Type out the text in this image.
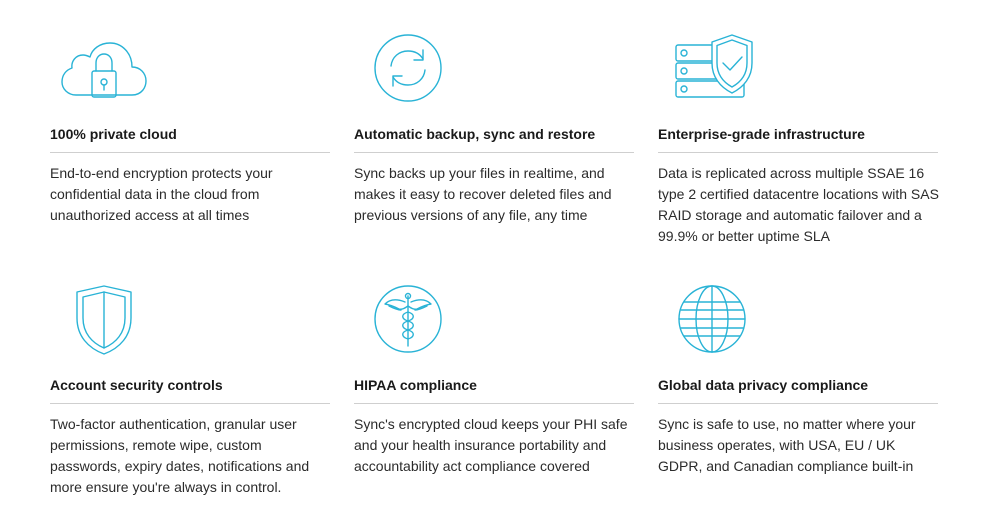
100% private cloud
End-to-end encryption protects your confidential data in the cloud from unauthorized access at all times
Automatic backup, sync and restore
Sync backs up your files in realtime, and makes it easy to recover deleted files and previous versions of any file, any time
Enterprise-grade infrastructure
Data is replicated across multiple SSAE 16 type 2 certified datacentre locations with SAS RAID storage and automatic failover and a 99.9% or better uptime SLA
Account security controls
Two-factor authentication, granular user permissions, remote wipe, custom passwords, expiry dates, notifications and more ensure you're always in control.
HIPAA compliance
Sync's encrypted cloud keeps your PHI safe and your health insurance portability and accountability act compliance covered
Global data privacy compliance
Sync is safe to use, no matter where your business operates, with USA, EU / UK GDPR, and Canadian compliance built-in
